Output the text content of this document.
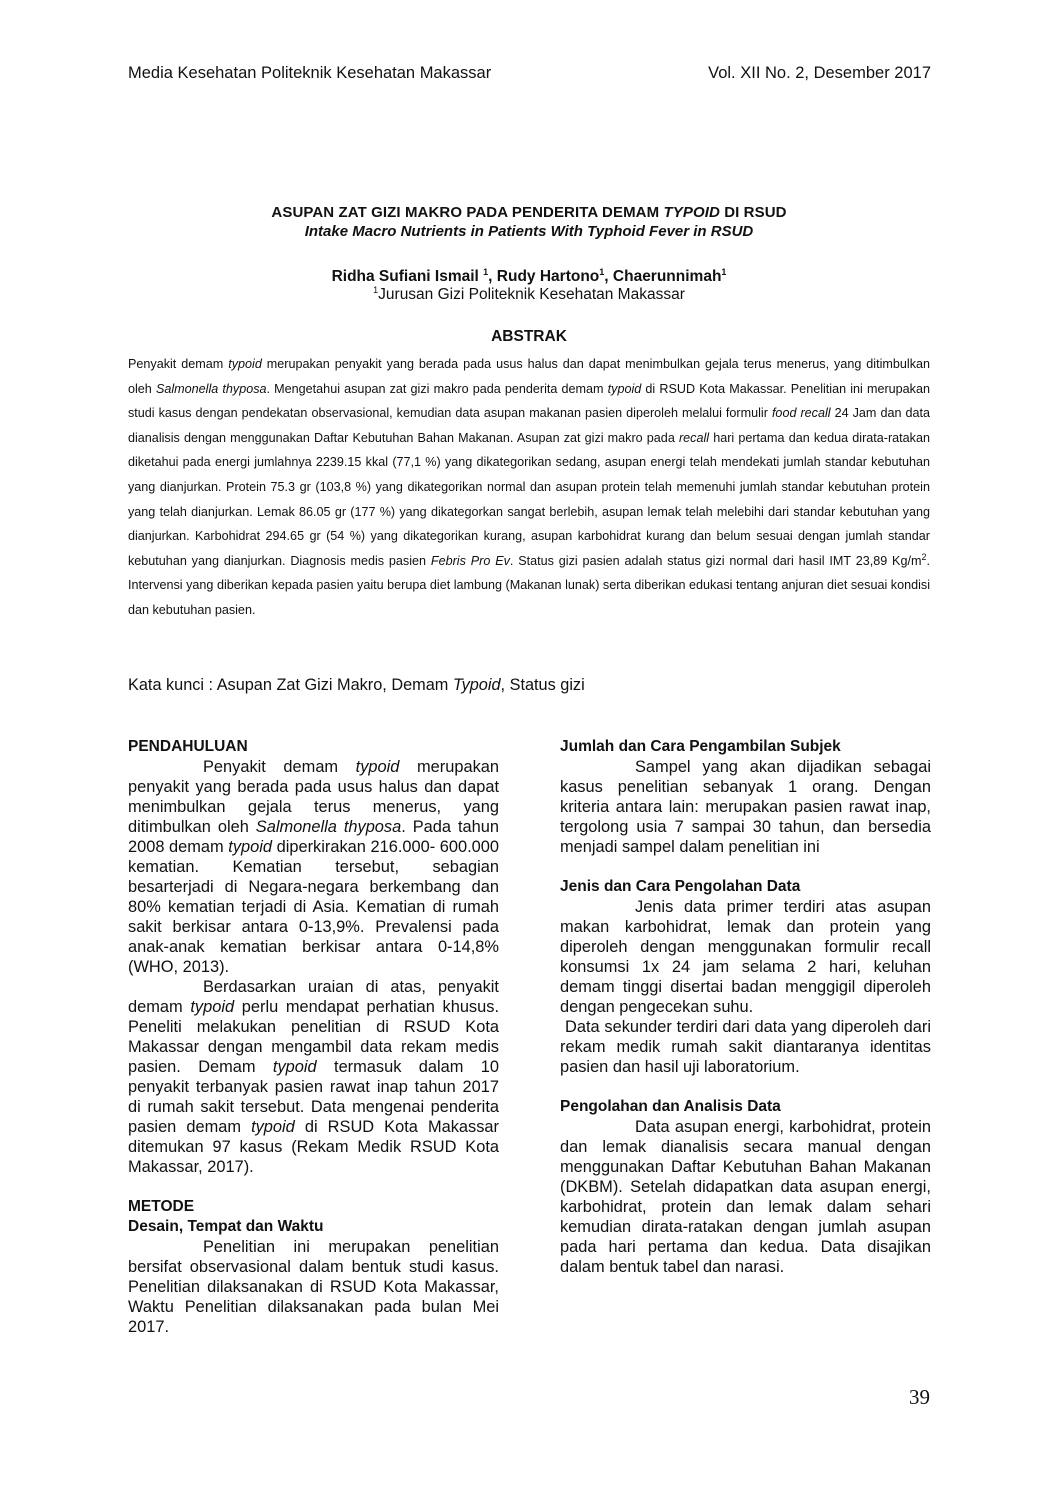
Media Kesehatan Politeknik Kesehatan Makassar	Vol. XII No. 2, Desember 2017
ASUPAN ZAT GIZI MAKRO PADA PENDERITA DEMAM TYPOID DI RSUD
Intake Macro Nutrients in Patients With Typhoid Fever in RSUD
Ridha Sufiani Ismail $^1$, Rudy Hartono$^1$, Chaerunnimah$^1$
$^1$Jurusan Gizi Politeknik Kesehatan Makassar
ABSTRAK
Penyakit demam typoid merupakan penyakit yang berada pada usus halus dan dapat menimbulkan gejala terus menerus, yang ditimbulkan oleh Salmonella thyposa. Mengetahui asupan zat gizi makro pada penderita demam typoid di RSUD Kota Makassar. Penelitian ini merupakan studi kasus dengan pendekatan observasional, kemudian data asupan makanan pasien diperoleh melalui formulir food recall 24 Jam dan data dianalisis dengan menggunakan Daftar Kebutuhan Bahan Makanan. Asupan zat gizi makro pada recall hari pertama dan kedua dirata-ratakan diketahui pada energi jumlahnya 2239.15 kkal (77,1 %) yang dikategorikan sedang, asupan energi telah mendekati jumlah standar kebutuhan yang dianjurkan. Protein 75.3 gr (103,8 %) yang dikategorikan normal dan asupan protein telah memenuhi jumlah standar kebutuhan protein yang telah dianjurkan. Lemak 86.05 gr (177 %) yang dikategorkan sangat berlebih, asupan lemak telah melebihi dari standar kebutuhan yang dianjurkan. Karbohidrat 294.65 gr (54 %) yang dikategorikan kurang, asupan karbohidrat kurang dan belum sesuai dengan jumlah standar kebutuhan yang dianjurkan. Diagnosis medis pasien Febris Pro Ev. Status gizi pasien adalah status gizi normal dari hasil IMT 23,89 $Kg/m^2$. Intervensi yang diberikan kepada pasien yaitu berupa diet lambung (Makanan lunak) serta diberikan edukasi tentang anjuran diet sesuai kondisi dan kebutuhan pasien.
Kata kunci : Asupan Zat Gizi Makro, Demam Typoid, Status gizi
PENDAHULUAN

Penyakit demam typoid merupakan penyakit yang berada pada usus halus dan dapat menimbulkan gejala terus menerus, yang ditimbulkan oleh Salmonella thyposa. Pada tahun 2008 demam typoid diperkirakan 216.000- 600.000 kematian. Kematian tersebut, sebagian besarterjadi di Negara-negara berkembang dan 80% kematian terjadi di Asia. Kematian di rumah sakit berkisar antara 0-13,9%. Prevalensi pada anak-anak kematian berkisar antara 0-14,8% (WHO, 2013).

Berdasarkan uraian di atas, penyakit demam typoid perlu mendapat perhatian khusus. Peneliti melakukan penelitian di RSUD Kota Makassar dengan mengambil data rekam medis pasien. Demam typoid termasuk dalam 10 penyakit terbanyak pasien rawat inap tahun 2017 di rumah sakit tersebut. Data mengenai penderita pasien demam typoid di RSUD Kota Makassar ditemukan 97 kasus (Rekam Medik RSUD Kota Makassar, 2017).

METODE
Desain, Tempat dan Waktu

Penelitian ini merupakan penelitian bersifat observasional dalam bentuk studi kasus. Penelitian dilaksanakan di RSUD Kota Makassar, Waktu Penelitian dilaksanakan pada bulan Mei 2017.

Jumlah dan Cara Pengambilan Subjek

Sampel yang akan dijadikan sebagai kasus penelitian sebanyak 1 orang. Dengan kriteria antara lain: merupakan pasien rawat inap, tergolong usia 7 sampai 30 tahun, dan bersedia menjadi sampel dalam penelitian ini

Jenis dan Cara Pengolahan Data

Jenis data primer terdiri atas asupan makan karbohidrat, lemak dan protein yang diperoleh dengan menggunakan formulir recall konsumsi 1x 24 jam selama 2 hari, keluhan demam tinggi disertai badan menggigil diperoleh dengan pengecekan suhu.

Data sekunder terdiri dari data yang diperoleh dari rekam medik rumah sakit diantaranya identitas pasien dan hasil uji laboratorium.

Pengolahan dan Analisis Data

Data asupan energi, karbohidrat, protein dan lemak dianalisis secara manual dengan menggunakan Daftar Kebutuhan Bahan Makanan (DKBM). Setelah didapatkan data asupan energi, karbohidrat, protein dan lemak dalam sehari kemudian dirata-ratakan dengan jumlah asupan pada hari pertama dan kedua. Data disajikan dalam bentuk tabel dan narasi.

39
